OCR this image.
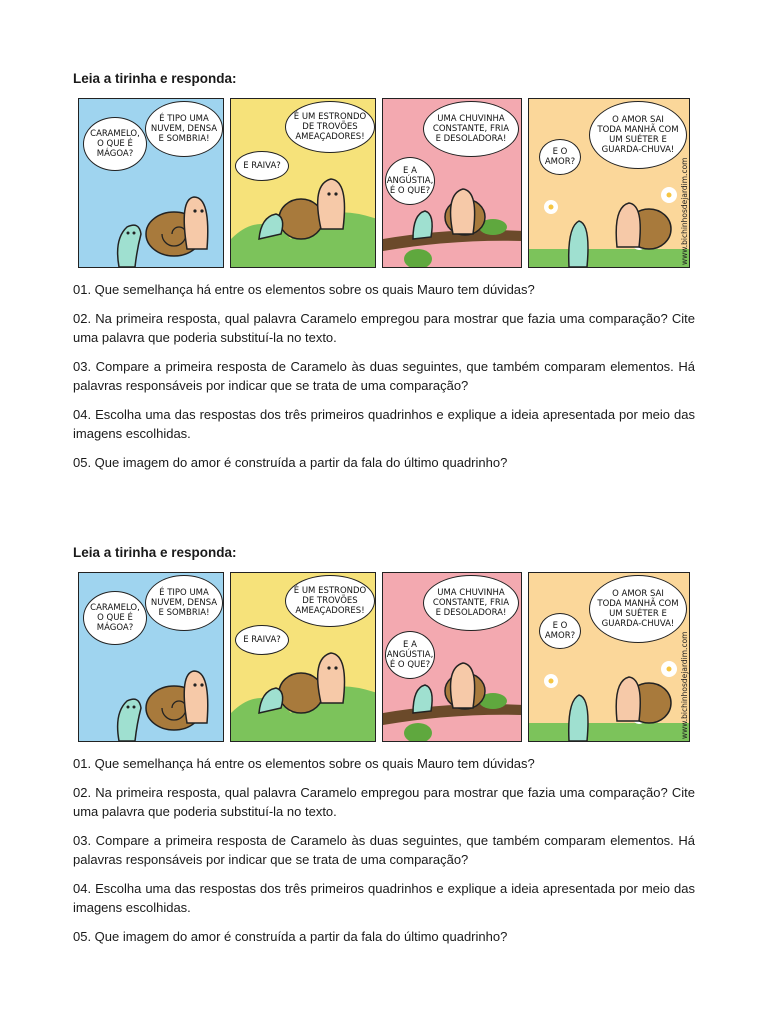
Leia a tirinha e responda:
CARAMELO,
O QUE É
MÁGOA?
É TIPO UMA
NUVEM, DENSA
E SOMBRIA!
É UM ESTRONDO
DE TROVÕES
AMEAÇADORES!
E RAIVA?
UMA CHUVINHA
CONSTANTE, FRIA
E DESOLADORA!
E A
ANGÚSTIA,
É O QUE?
O AMOR SAI
TODA MANHÃ COM
UM SUÉTER E
GUARDA-CHUVA!
E O
AMOR?	www.bichinhosdejardim.com

01. Que semelhança há entre os elementos sobre os quais Mauro tem dúvidas?

02. Na primeira resposta, qual palavra Caramelo empregou para mostrar que fazia uma comparação? Cite uma palavra que poderia substituí-la no texto.

03. Compare a primeira resposta de Caramelo às duas seguintes, que também comparam elementos. Há palavras responsáveis por indicar que se trata de uma comparação?

04. Escolha uma das respostas dos três primeiros quadrinhos e explique a ideia apresentada por meio das imagens escolhidas.

05. Que imagem do amor é construída a partir da fala do último quadrinho?

Leia a tirinha e responda:
CARAMELO,
O QUE É
MÁGOA?
É TIPO UMA
NUVEM, DENSA
E SOMBRIA!
É UM ESTRONDO
DE TROVÕES
AMEAÇADORES!
E RAIVA?
UMA CHUVINHA
CONSTANTE, FRIA
E DESOLADORA!
E A
ANGÚSTIA,
É O QUE?
O AMOR SAI
TODA MANHÃ COM
UM SUÉTER E
GUARDA-CHUVA!
E O
AMOR?	www.bichinhosdejardim.com

01. Que semelhança há entre os elementos sobre os quais Mauro tem dúvidas?

02. Na primeira resposta, qual palavra Caramelo empregou para mostrar que fazia uma comparação? Cite uma palavra que poderia substituí-la no texto.

03. Compare a primeira resposta de Caramelo às duas seguintes, que também comparam elementos. Há palavras responsáveis por indicar que se trata de uma comparação?

04. Escolha uma das respostas dos três primeiros quadrinhos e explique a ideia apresentada por meio das imagens escolhidas.

05. Que imagem do amor é construída a partir da fala do último quadrinho?
